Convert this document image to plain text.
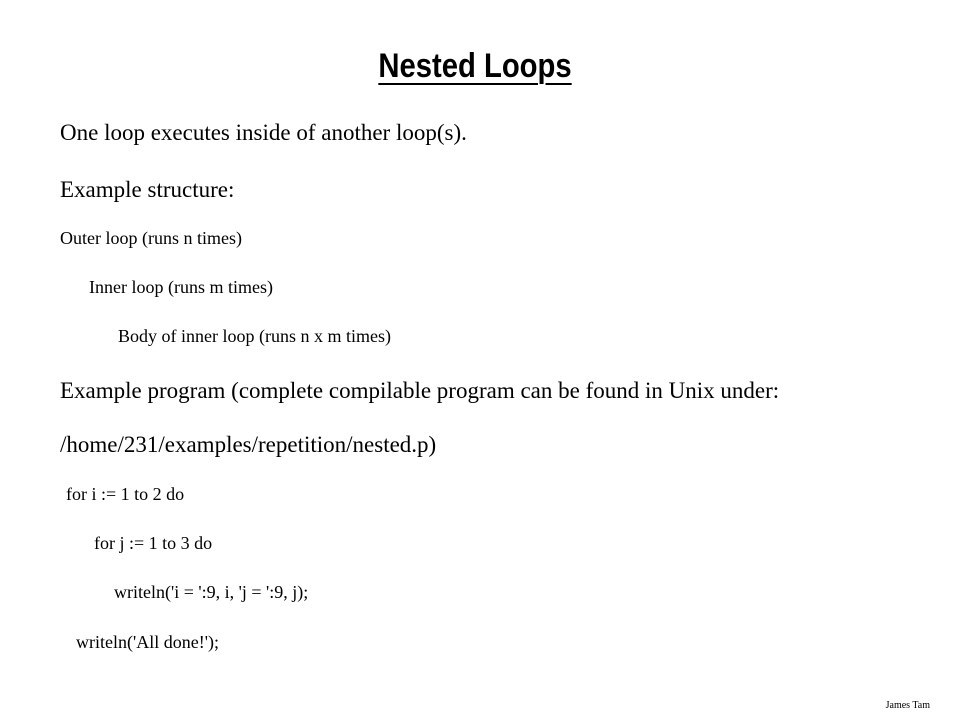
Nested Loops
One loop executes inside of another loop(s).
Example structure:
Outer loop (runs n times)
Inner loop (runs m times)
Body of inner loop (runs n x m times)
Example program (complete compilable program can be found in Unix under:
/home/231/examples/repetition/nested.p)
for i := 1 to 2 do
for j := 1 to 3 do
writeln('i = ':9, i, 'j = ':9, j);
writeln('All done!');
James Tam
